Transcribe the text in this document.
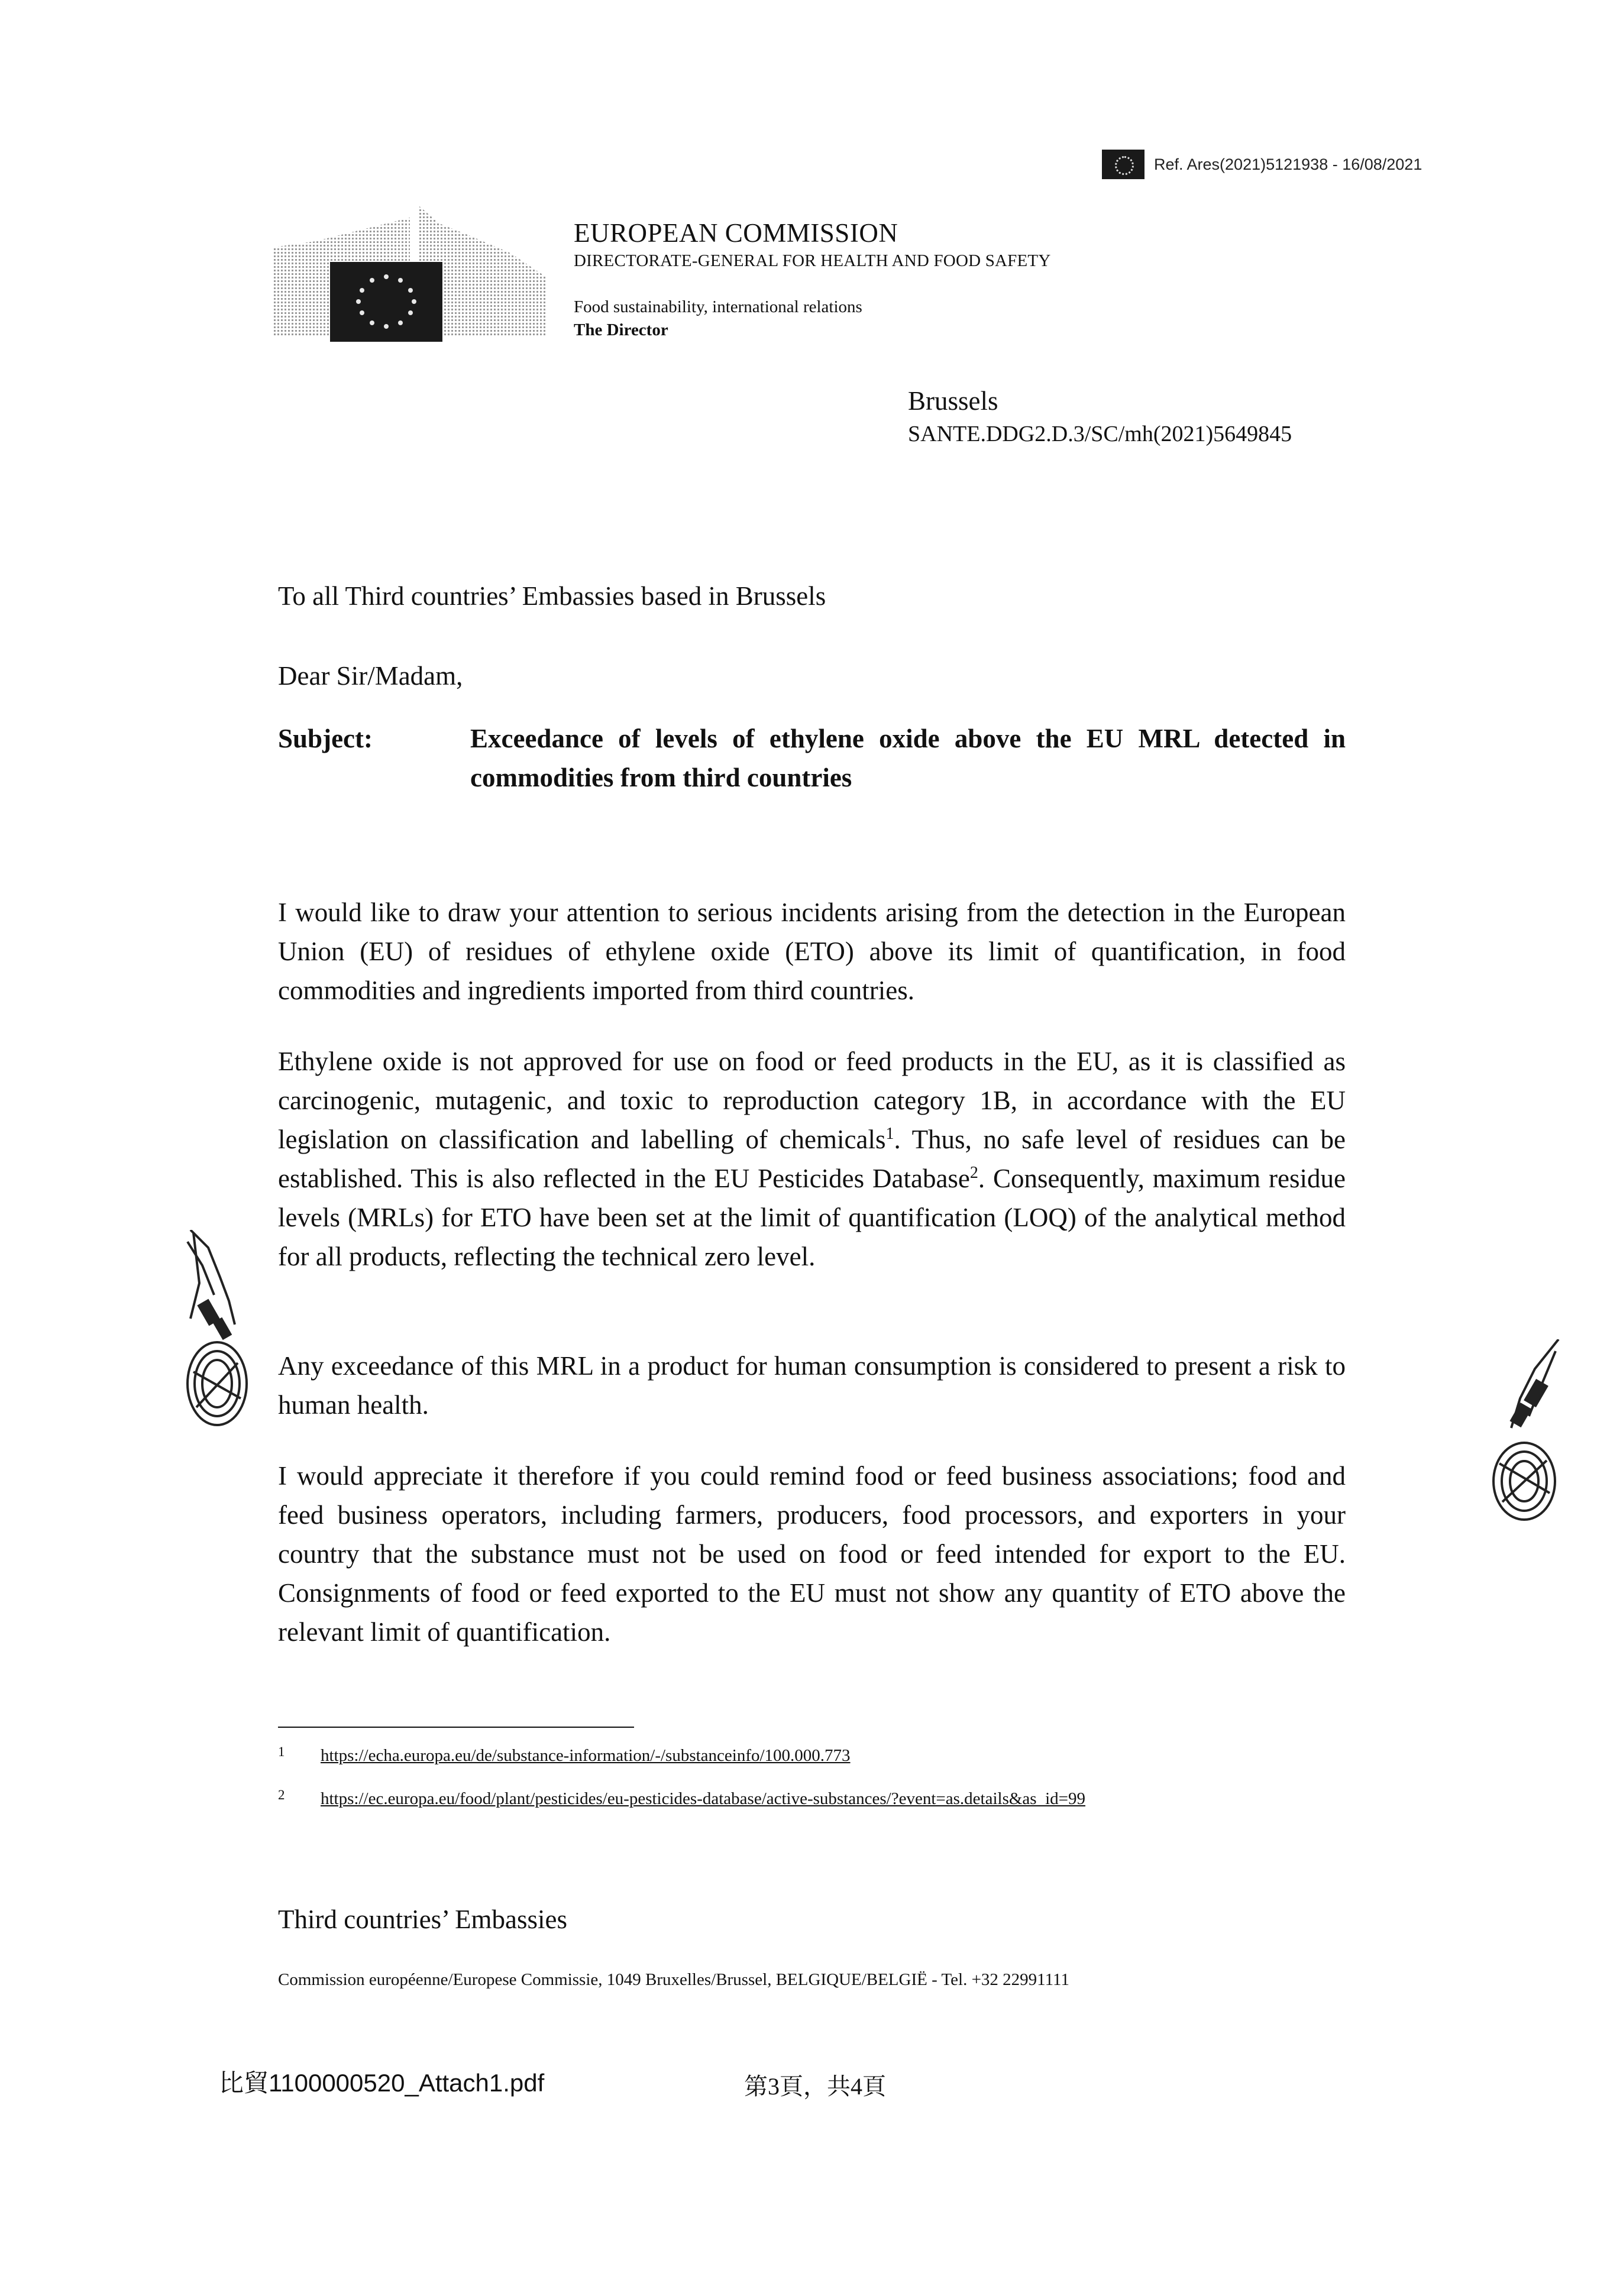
Ref. Ares(2021)5121938 - 16/08/2021
EUROPEAN COMMISSION
DIRECTORATE-GENERAL FOR HEALTH AND FOOD SAFETY
Food sustainability, international relations
The Director
Brussels
SANTE.DDG2.D.3/SC/mh(2021)5649845
To all Third countries’ Embassies based in Brussels
Dear Sir/Madam,
Subject:	Exceedance of levels of ethylene oxide above the EU MRL detected in commodities from third countries
I would like to draw your attention to serious incidents arising from the detection in the European Union (EU) of residues of ethylene oxide (ETO) above its limit of quantification, in food commodities and ingredients imported from third countries.
Ethylene oxide is not approved for use on food or feed products in the EU, as it is classified as carcinogenic, mutagenic, and toxic to reproduction category 1B, in accordance with the EU legislation on classification and labelling of chemicals$^1$. Thus, no safe level of residues can be established. This is also reflected in the EU Pesticides Database$^2$. Consequently, maximum residue levels (MRLs) for ETO have been set at the limit of quantification (LOQ) of the analytical method for all products, reflecting the technical zero level.
Any exceedance of this MRL in a product for human consumption is considered to present a risk to human health.
I would appreciate it therefore if you could remind food or feed business associations; food and feed business operators, including farmers, producers, food processors, and exporters in your country that the substance must not be used on food or feed intended for export to the EU. Consignments of food or feed exported to the EU must not show any quantity of ETO above the relevant limit of quantification.
1 https://echa.europa.eu/de/substance-information/-/substanceinfo/100.000.773
2 https://ec.europa.eu/food/plant/pesticides/eu-pesticides-database/active-substances/?event=as.details&as_id=99
Third countries’ Embassies
Commission européenne/Europese Commissie, 1049 Bruxelles/Brussel, BELGIQUE/BELGIË - Tel. +32 22991111
比貿1100000520_Attach1.pdf	第3頁，共4頁
